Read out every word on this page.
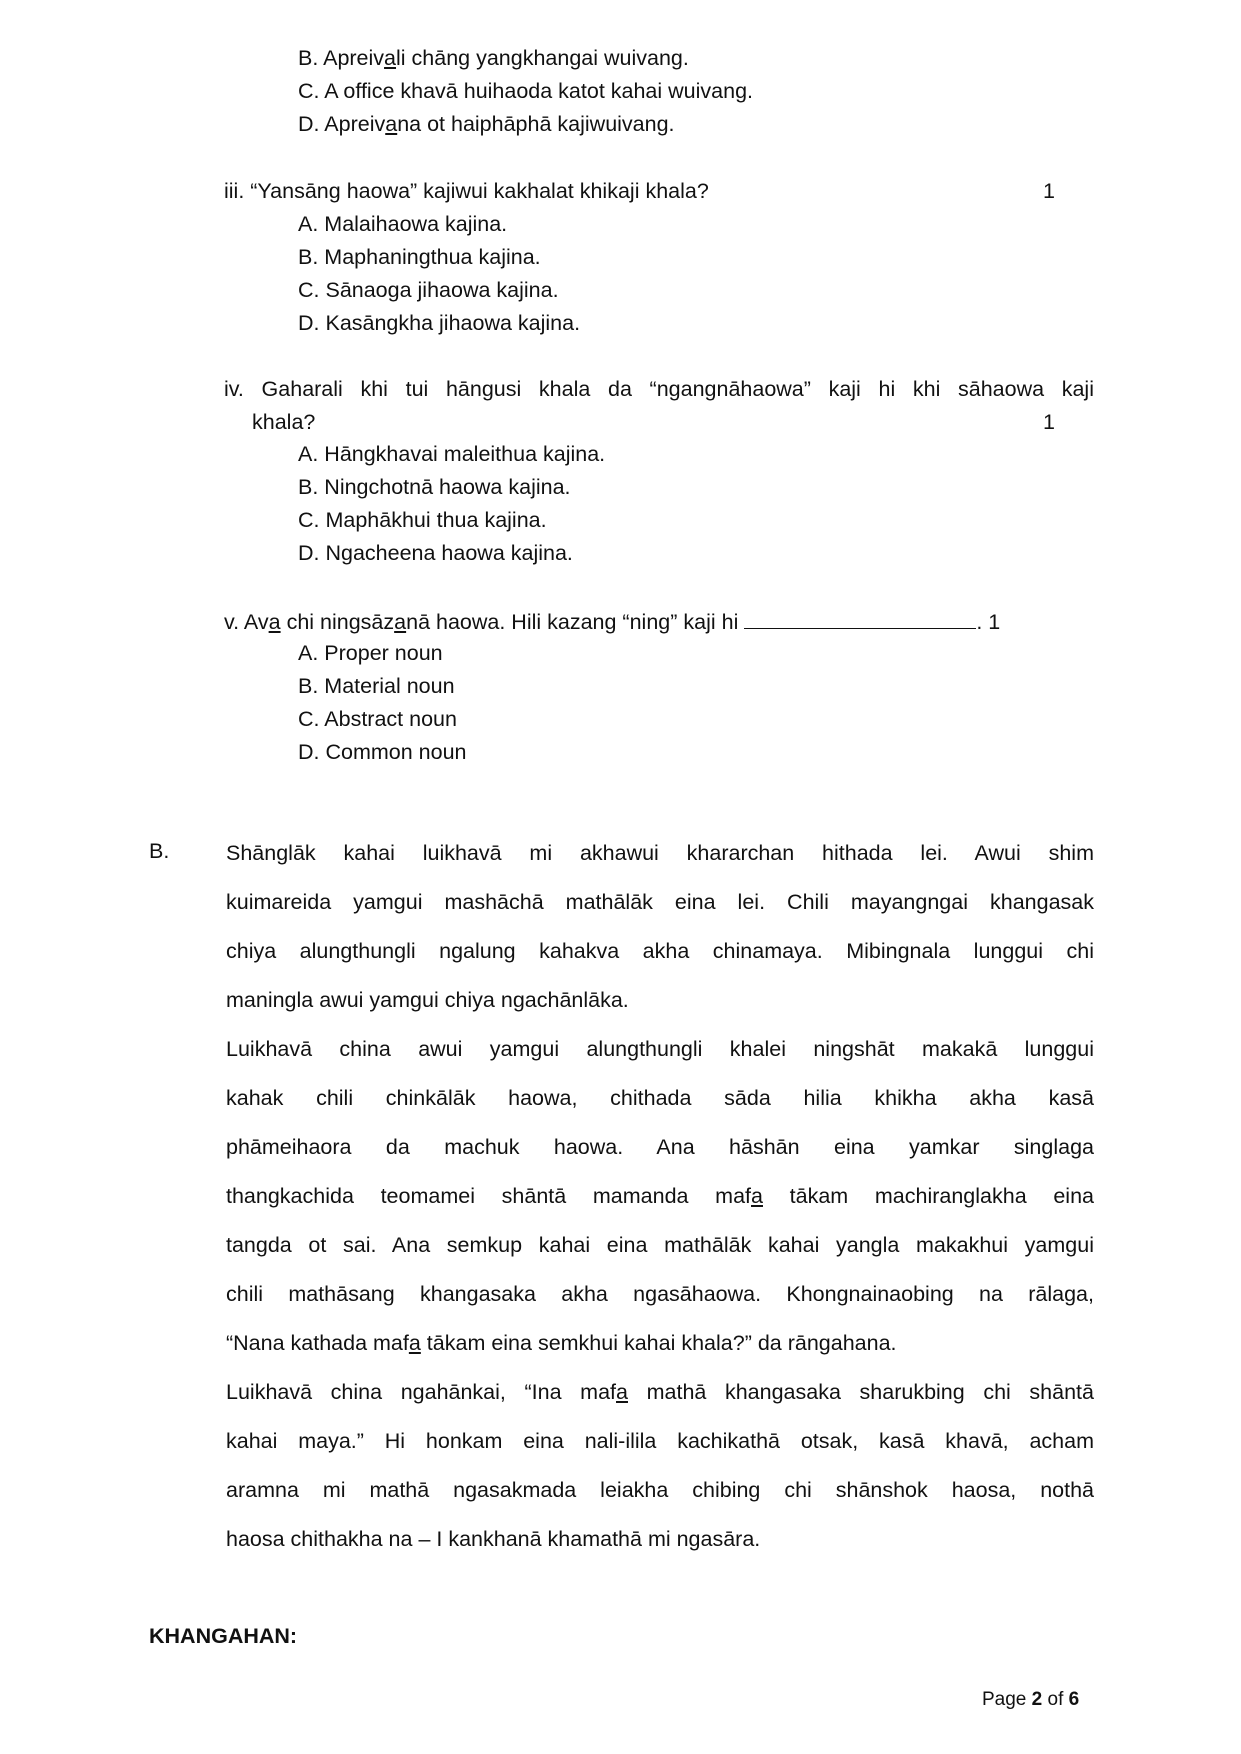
B. Apreivali chāng yangkhangai wuivang.
C. A office khavā huihaoda katot kahai wuivang.
D. Apreivana ot haiphāphā kajiwuivang.
iii. “Yansāng haowa” kajiwui kakhalat khikaji khala?	1
A. Malaihaowa kajina.
B. Maphaningthua kajina.
C. Sānaoga jihaowa kajina.
D. Kasāngkha jihaowa kajina.
iv. Gaharali khi tui hāngusi khala da “ngangnāhaowa” kaji hi khi sāhaowa kaji
khala?	1
A. Hāngkhavai maleithua kajina.
B. Ningchotnā haowa kajina.
C. Maphākhui thua kajina.
D. Ngacheena haowa kajina.
v. Ava chi ningsāzanā haowa. Hili kazang “ning” kaji hi	. 1
A. Proper noun
B. Material noun
C. Abstract noun
D. Common noun
B.	Shānglāk kahai luikhavā mi akhawui khararchan hithada lei. Awui shim
kuimareida yamgui mashāchā mathālāk eina lei. Chili mayangngai khangasak
chiya alungthungli ngalung kahakva akha chinamaya. Mibingnala lunggui chi
maningla awui yamgui chiya ngachānlāka.
Luikhavā china awui yamgui alungthungli khalei ningshāt makakā lunggui
kahak chili chinkālāk haowa, chithada sāda hilia khikha akha kasā
phāmeihaora da machuk haowa. Ana hāshān eina yamkar singlaga
thangkachida teomamei shāntā mamanda mafa tākam machiranglakha eina
tangda ot sai. Ana semkup kahai eina mathālāk kahai yangla makakhui yamgui
chili mathāsang khangasaka akha ngasāhaowa. Khongnainaobing na rālaga,
“Nana kathada mafa tākam eina semkhui kahai khala?” da rāngahana.
Luikhavā china ngahānkai, “Ina mafa mathā khangasaka sharukbing chi shāntā
kahai maya.” Hi honkam eina nali-ilila kachikathā otsak, kasā khavā, acham
aramna mi mathā ngasakmada leiakha chibing chi shānshok haosa, nothā
haosa chithakha na – I kankhanā khamathā mi ngasāra.
KHANGAHAN:
Page 2 of 6
